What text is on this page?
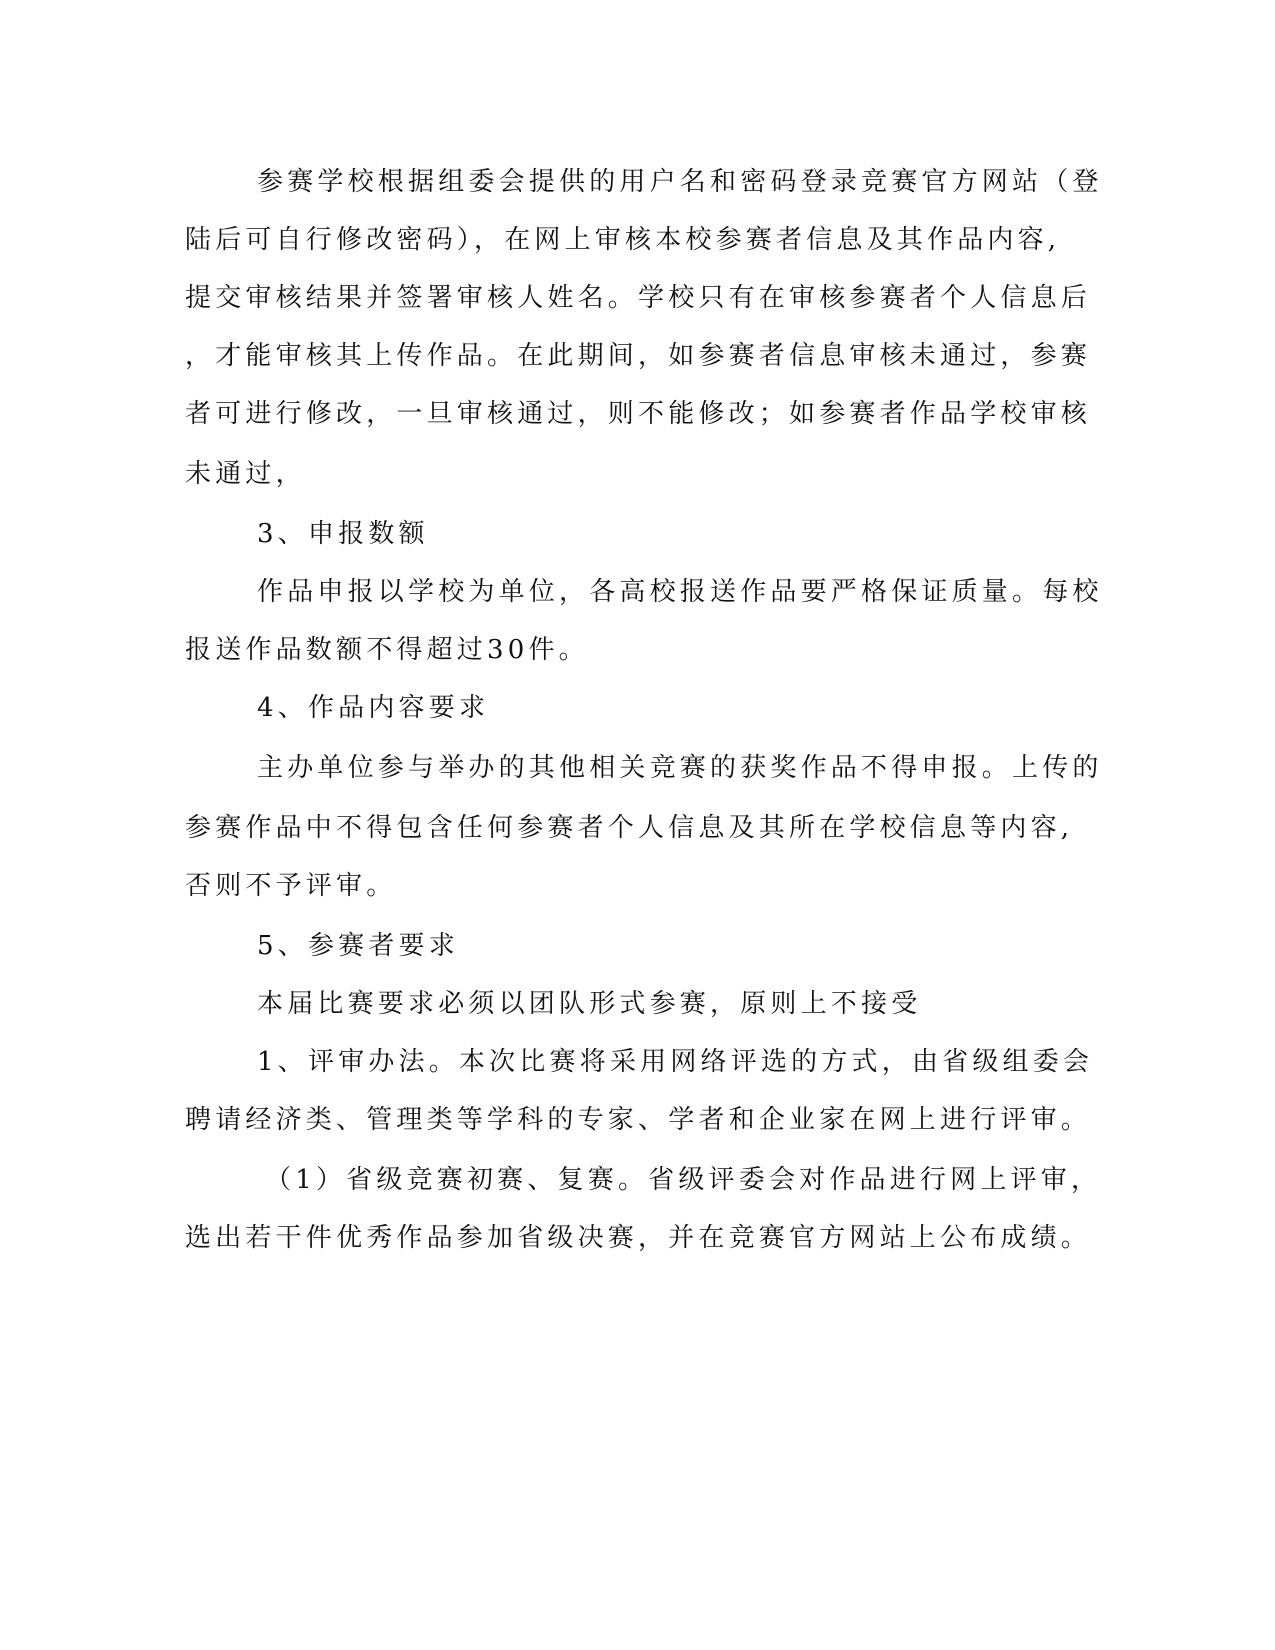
参赛学校根据组委会提供的用户名和密码登录竞赛官方网站（登
陆后可自行修改密码），在网上审核本校参赛者信息及其作品内容,
提交审核结果并签署审核人姓名。学校只有在审核参赛者个人信息后
，才能审核其上传作品。在此期间，如参赛者信息审核未通过，参赛
者可进行修改，一旦审核通过，则不能修改；如参赛者作品学校审核
未通过，
3、申报数额
作品申报以学校为单位，各高校报送作品要严格保证质量。每校
报送作品数额不得超过30件。
4、作品内容要求
主办单位参与举办的其他相关竞赛的获奖作品不得申报。上传的
参赛作品中不得包含任何参赛者个人信息及其所在学校信息等内容,
否则不予评审。
5、参赛者要求
本届比赛要求必须以团队形式参赛，原则上不接受
1、评审办法。本次比赛将采用网络评选的方式，由省级组委会
聘请经济类、管理类等学科的专家、学者和企业家在网上进行评审。
（1）省级竞赛初赛、复赛。省级评委会对作品进行网上评审，
选出若干件优秀作品参加省级决赛，并在竞赛官方网站上公布成绩。
